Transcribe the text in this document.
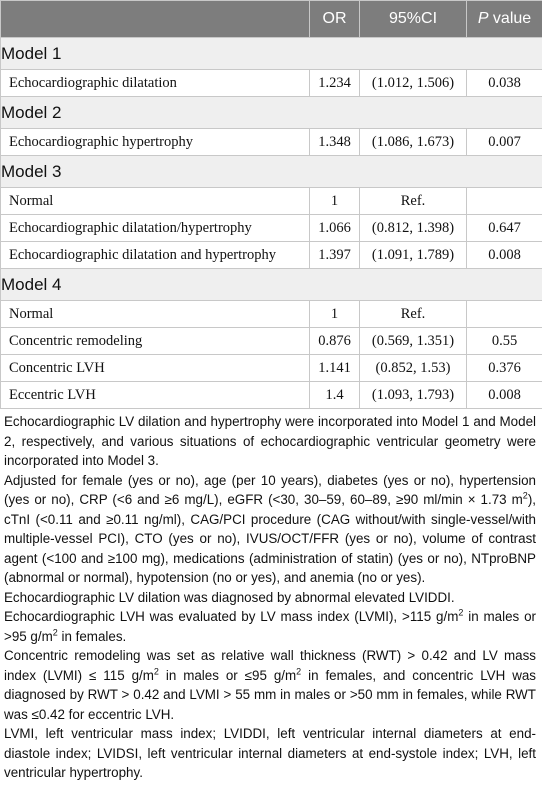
	OR	95%CI	P value
Model 1			
Echocardiographic dilatation	1.234	(1.012, 1.506)	0.038
Model 2			
Echocardiographic hypertrophy	1.348	(1.086, 1.673)	0.007
Model 3			
Normal	1	Ref.	
Echocardiographic dilatation/hypertrophy	1.066	(0.812, 1.398)	0.647
Echocardiographic dilatation and hypertrophy	1.397	(1.091, 1.789)	0.008
Model 4			
Normal	1	Ref.	
Concentric remodeling	0.876	(0.569, 1.351)	0.55
Concentric LVH	1.141	(0.852, 1.53)	0.376
Eccentric LVH	1.4	(1.093, 1.793)	0.008

Echocardiographic LV dilation and hypertrophy were incorporated into Model 1 and Model 2, respectively, and various situations of echocardiographic ventricular geometry were incorporated into Model 3.

Adjusted for female (yes or no), age (per 10 years), diabetes (yes or no), hypertension (yes or no), CRP (<6 and ≥6 mg/L), eGFR (<30, 30–59, 60–89, ≥90 ml/min × 1.73 $m^2$), cTnI (<0.11 and ≥0.11 ng/ml), CAG/PCI procedure (CAG without/with single-vessel/with multiple-vessel PCI), CTO (yes or no), IVUS/OCT/FFR (yes or no), volume of contrast agent (<100 and ≥100 mg), medications (administration of statin) (yes or no), NTproBNP (abnormal or normal), hypotension (no or yes), and anemia (no or yes).

Echocardiographic LV dilation was diagnosed by abnormal elevated LVIDDI.

Echocardiographic LVH was evaluated by LV mass index (LVMI), >115 $g/m^2$ in males or >95 $g/m^2$ in females.

Concentric remodeling was set as relative wall thickness (RWT) > 0.42 and LV mass index (LVMI) ≤ 115 $g/m^2$ in males or ≤95 $g/m^2$ in females, and concentric LVH was diagnosed by RWT > 0.42 and LVMI > 55 mm in males or >50 mm in females, while RWT was ≤0.42 for eccentric LVH.

LVMI, left ventricular mass index; LVIDDI, left ventricular internal diameters at end-diastole index; LVIDSI, left ventricular internal diameters at end-systole index; LVH, left ventricular hypertrophy.
